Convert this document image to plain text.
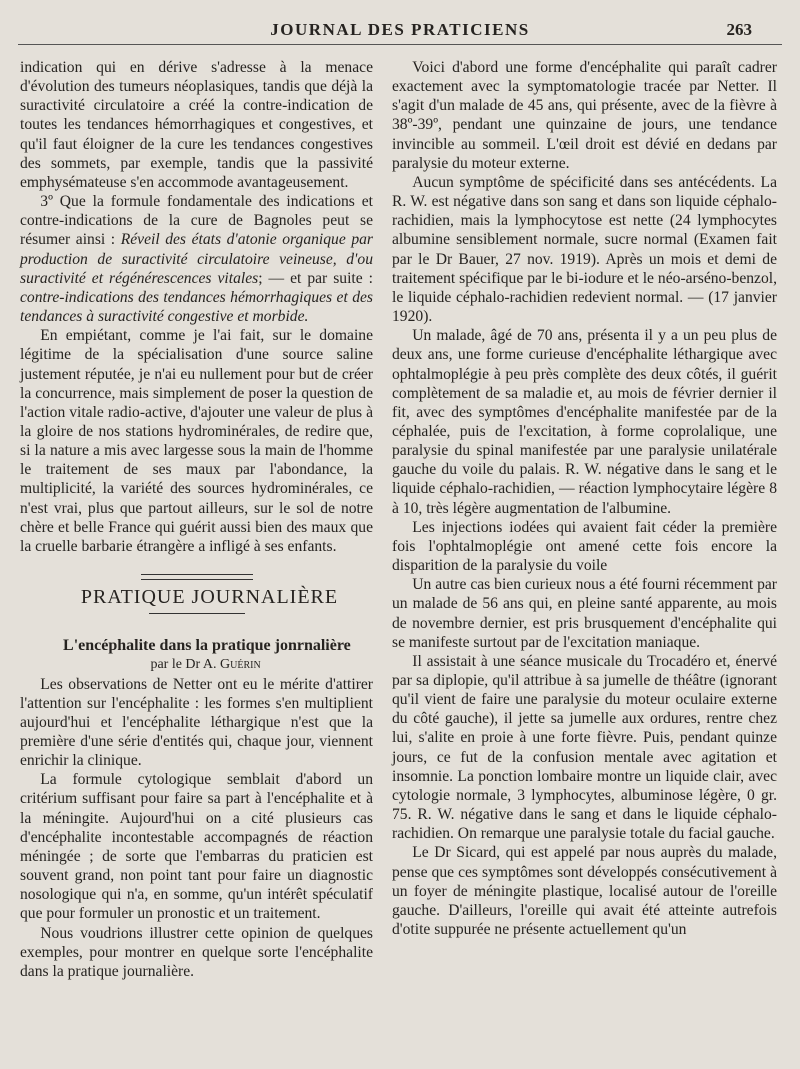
JOURNAL DES PRATICIENS	263

indication qui en dérive s'adresse à la menace d'évolution des tumeurs néoplasiques, tandis que déjà la suractivité circulatoire a créé la contre-indication de toutes les tendances hémorrhagiques et congestives, et qu'il faut éloigner de la cure les tendances congestives des sommets, par exemple, tandis que la passivité emphysémateuse s'en accommode avantageusement.

3º Que la formule fondamentale des indications et contre-indications de la cure de Bagnoles peut se résumer ainsi : Réveil des états d'atonie organique par production de suractivité circulatoire veineuse, d'ou suractivité et régénérescences vitales; — et par suite : contre-indications des tendances hémorrhagiques et des tendances à suractivité congestive et morbide.

En empiétant, comme je l'ai fait, sur le domaine légitime de la spécialisation d'une source saline justement réputée, je n'ai eu nullement pour but de créer la concurrence, mais simplement de poser la question de l'action vitale radio-active, d'ajouter une valeur de plus à la gloire de nos stations hydrominérales, de redire que, si la nature a mis avec largesse sous la main de l'homme le traitement de ses maux par l'abondance, la multiplicité, la variété des sources hydrominérales, ce n'est vrai, plus que partout ailleurs, sur le sol de notre chère et belle France qui guérit aussi bien des maux que la cruelle barbarie étrangère a infligé à ses enfants.

PRATIQUE JOURNALIÈRE

L'encéphalite dans la pratique jonrnalière

par le Dr A. Guérin

Les observations de Netter ont eu le mérite d'attirer l'attention sur l'encéphalite : les formes s'en multiplient aujourd'hui et l'encéphalite léthargique n'est que la première d'une série d'entités qui, chaque jour, viennent enrichir la clinique.

La formule cytologique semblait d'abord un critérium suffisant pour faire sa part à l'encéphalite et à la méningite. Aujourd'hui on a cité plusieurs cas d'encéphalite incontestable accompagnés de réaction méningée ; de sorte que l'embarras du praticien est souvent grand, non point tant pour faire un diagnostic nosologique qui n'a, en somme, qu'un intérêt spéculatif que pour formuler un pronostic et un traitement.

Nous voudrions illustrer cette opinion de quelques exemples, pour montrer en quelque sorte l'encéphalite dans la pratique journalière.

Voici d'abord une forme d'encéphalite qui paraît cadrer exactement avec la symptomatologie tracée par Netter. Il s'agit d'un malade de 45 ans, qui présente, avec de la fièvre à 38º-39º, pendant une quinzaine de jours, une tendance invincible au sommeil. L'œil droit est dévié en dedans par paralysie du moteur externe.

Aucun symptôme de spécificité dans ses antécédents. La R. W. est négative dans son sang et dans son liquide céphalo-rachidien, mais la lymphocytose est nette (24 lymphocytes albumine sensiblement normale, sucre normal (Examen fait par le Dr Bauer, 27 nov. 1919). Après un mois et demi de traitement spécifique par le bi-iodure et le néo-arséno-benzol, le liquide céphalo-rachidien redevient normal. — (17 janvier 1920).

Un malade, âgé de 70 ans, présenta il y a un peu plus de deux ans, une forme curieuse d'encéphalite léthargique avec ophtalmoplégie à peu près complète des deux côtés, il guérit complètement de sa maladie et, au mois de février dernier il fit, avec des symptômes d'encéphalite manifestée par de la céphalée, puis de l'excitation, à forme coprolalique, une paralysie du spinal manifestée par une paralysie unilatérale gauche du voile du palais. R. W. négative dans le sang et le liquide céphalo-rachidien, — réaction lymphocytaire légère 8 à 10, très légère augmentation de l'albumine.

Les injections iodées qui avaient fait céder la première fois l'ophtalmoplégie ont amené cette fois encore la disparition de la paralysie du voile

Un autre cas bien curieux nous a été fourni récemment par un malade de 56 ans qui, en pleine santé apparente, au mois de novembre dernier, est pris brusquement d'encéphalite qui se manifeste surtout par de l'excitation maniaque.

Il assistait à une séance musicale du Trocadéro et, énervé par sa diplopie, qu'il attribue à sa jumelle de théâtre (ignorant qu'il vient de faire une paralysie du moteur oculaire externe du côté gauche), il jette sa jumelle aux ordures, rentre chez lui, s'alite en proie à une forte fièvre. Puis, pendant quinze jours, ce fut de la confusion mentale avec agitation et insomnie. La ponction lombaire montre un liquide clair, avec cytologie normale, 3 lymphocytes, albuminose légère, 0 gr. 75. R. W. négative dans le sang et dans le liquide céphalo-rachidien. On remarque une paralysie totale du facial gauche.

Le Dr Sicard, qui est appelé par nous auprès du malade, pense que ces symptômes sont développés consécutivement à un foyer de méningite plastique, localisé autour de l'oreille gauche. D'ailleurs, l'oreille qui avait été atteinte autrefois d'otite suppurée ne présente actuellement qu'un
